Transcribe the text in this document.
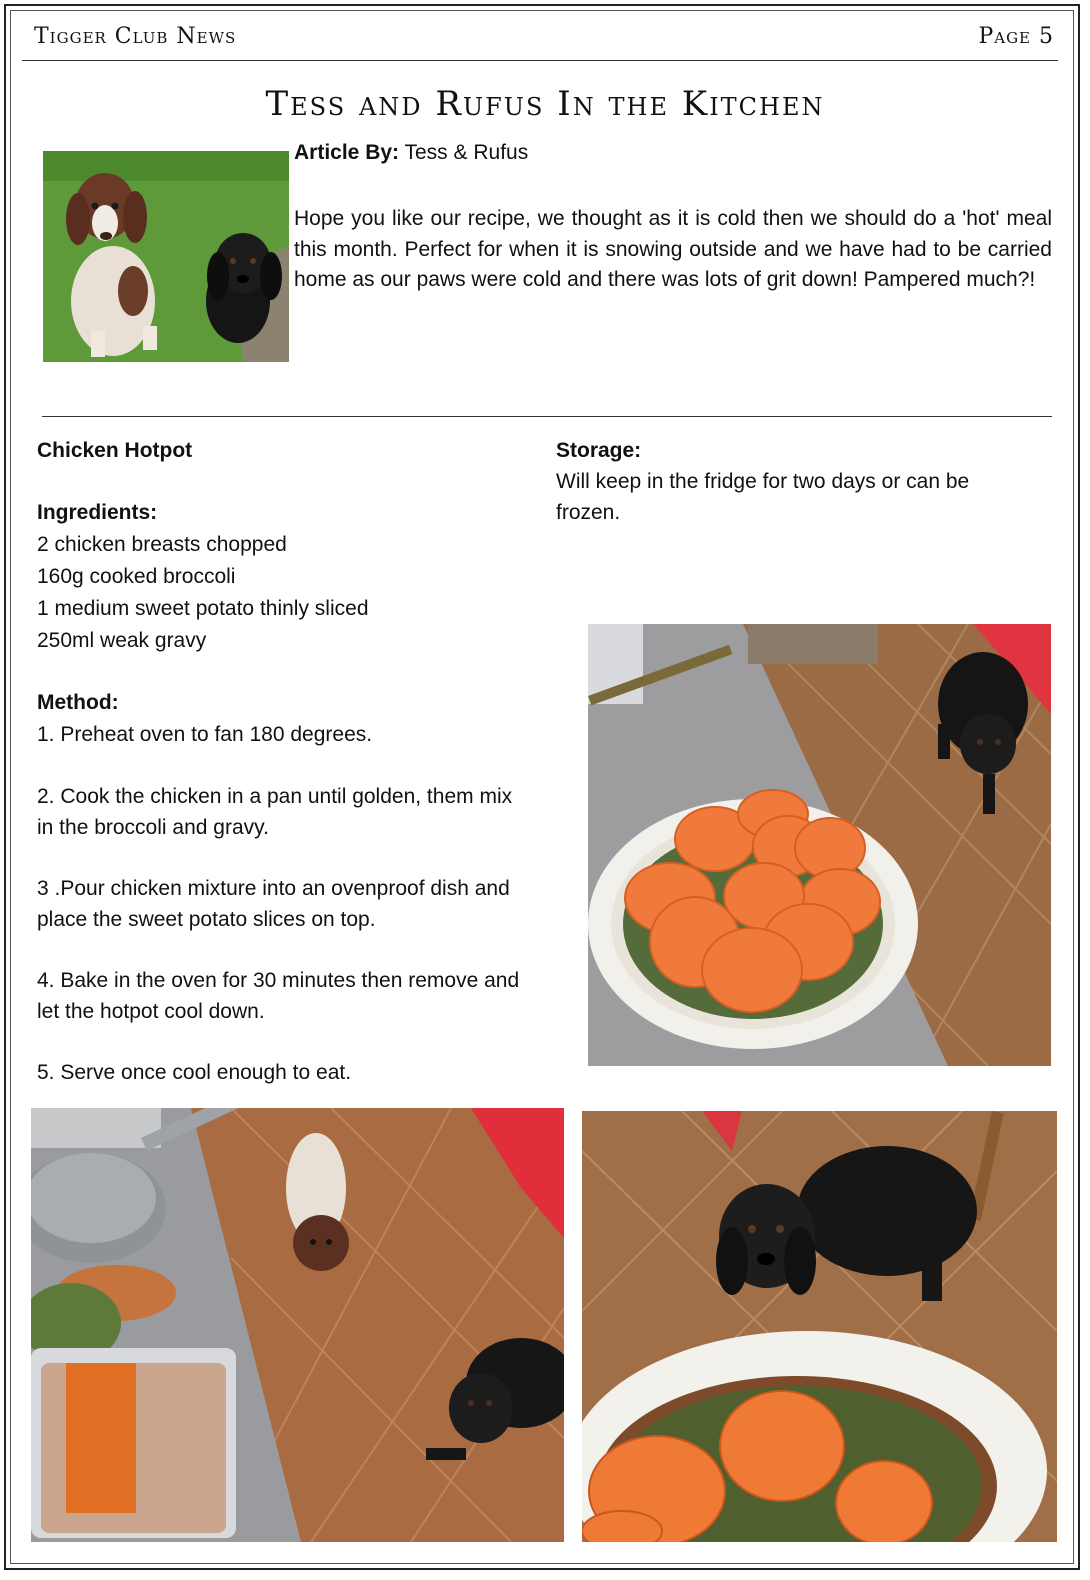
Tigger Club News	Page 5
Tess and Rufus In the Kitchen
Article By: Tess & Rufus
Hope you like our recipe, we thought as it is cold then we should do a 'hot' meal this month. Perfect for when it is snowing outside and we have had to be carried home as our paws were cold and there was lots of grit down! Pampered much?!
Chicken Hotpot
Ingredients:
2 chicken breasts chopped
160g cooked broccoli
1 medium sweet potato thinly sliced
250ml weak gravy
Method:
1. Preheat oven to fan 180 degrees.
2. Cook the chicken in a pan until golden, them mix in the broccoli and gravy.
3 .Pour chicken mixture into an ovenproof dish and place the sweet potato slices on top.
4. Bake in the oven for 30 minutes then remove and let the hotpot cool down.
5. Serve once cool enough to eat.
Storage:
Will keep in the fridge for two days or can be frozen.
